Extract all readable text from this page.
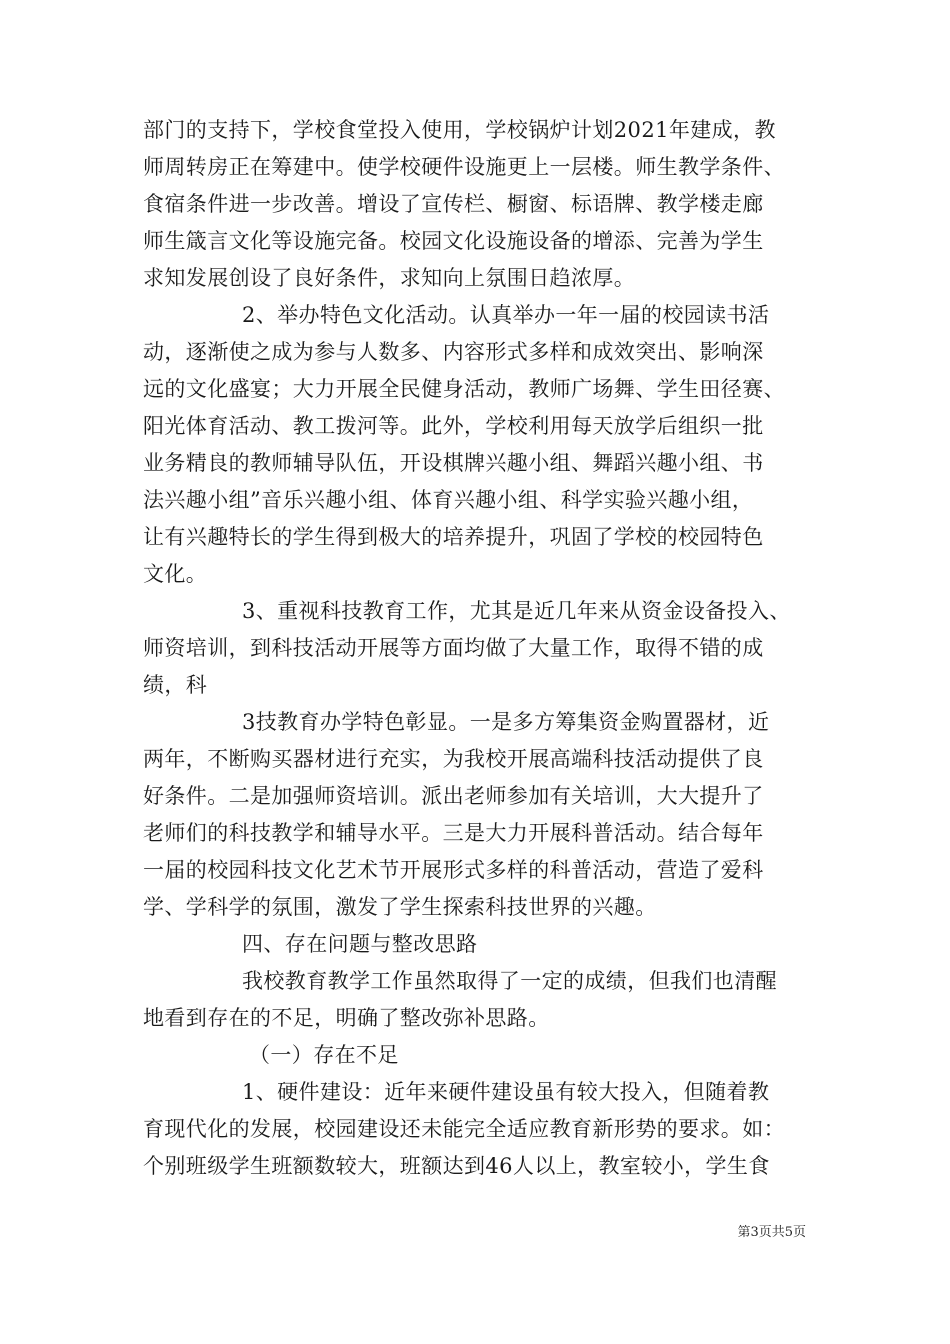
部门的支持下，学校食堂投入使用，学校锅炉计划2021年建成，教
师周转房正在筹建中。使学校硬件设施更上一层楼。师生教学条件、
食宿条件进一步改善。增设了宣传栏、橱窗、标语牌、教学楼走廊
师生箴言文化等设施完备。校园文化设施设备的增添、完善为学生
求知发展创设了良好条件，求知向上氛围日趋浓厚。
2、举办特色文化活动。认真举办一年一届的校园读书活
动，逐渐使之成为参与人数多、内容形式多样和成效突出、影响深
远的文化盛宴；大力开展全民健身活动，教师广场舞、学生田径赛、
阳光体育活动、教工拨河等。此外，学校利用每天放学后组织一批
业务精良的教师辅导队伍，开设棋牌兴趣小组、舞蹈兴趣小组、书
法兴趣小组”音乐兴趣小组、体育兴趣小组、科学实验兴趣小组，
让有兴趣特长的学生得到极大的培养提升，巩固了学校的校园特色
文化。
3、重视科技教育工作，尤其是近几年来从资金设备投入、
师资培训，到科技活动开展等方面均做了大量工作，取得不错的成
绩，科
3技教育办学特色彰显。一是多方筹集资金购置器材，近
两年，不断购买器材进行充实，为我校开展高端科技活动提供了良
好条件。二是加强师资培训。派出老师参加有关培训，大大提升了
老师们的科技教学和辅导水平。三是大力开展科普活动。结合每年
一届的校园科技文化艺术节开展形式多样的科普活动，营造了爱科
学、学科学的氛围，激发了学生探索科技世界的兴趣。
四、存在问题与整改思路
我校教育教学工作虽然取得了一定的成绩，但我们也清醒
地看到存在的不足，明确了整改弥补思路。
（一）存在不足
1、硬件建设：近年来硬件建设虽有较大投入，但随着教
育现代化的发展，校园建设还未能完全适应教育新形势的要求。如：
个别班级学生班额数较大，班额达到46人以上，教室较小，学生食
第3页共5页
